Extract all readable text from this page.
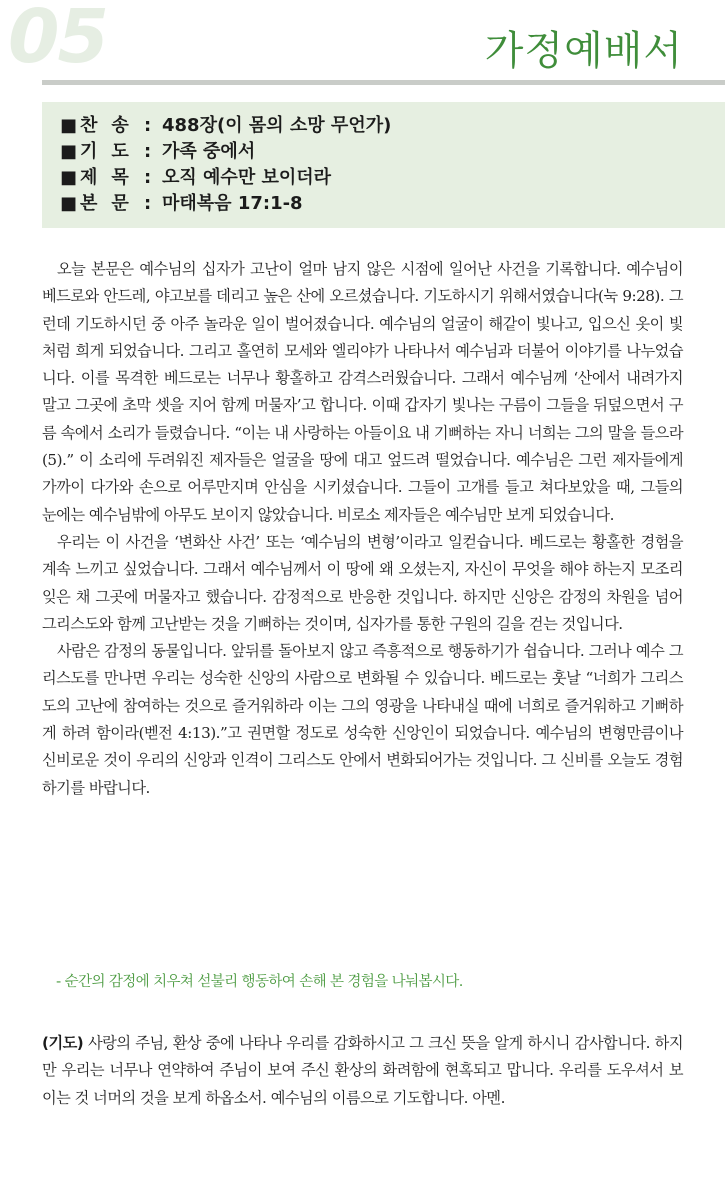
05	가정예배서
■ 찬송: 488장(이 몸의 소망 무언가)
■ 기도: 가족 중에서
■ 제목: 오직 예수만 보이더라
■ 본문: 마태복음 17:1-8

오늘 본문은 예수님의 십자가 고난이 얼마 남지 않은 시점에 일어난 사건을 기록합니다. 예수님이 베드로와 안드레, 야고보를 데리고 높은 산에 오르셨습니다. 기도하시기 위해서였습니다(눅 9:28). 그런데 기도하시던 중 아주 놀라운 일이 벌어졌습니다. 예수님의 얼굴이 해같이 빛나고, 입으신 옷이 빛처럼 희게 되었습니다. 그리고 홀연히 모세와 엘리야가 나타나서 예수님과 더불어 이야기를 나누었습니다. 이를 목격한 베드로는 너무나 황홀하고 감격스러웠습니다. 그래서 예수님께 ‘산에서 내려가지 말고 그곳에 초막 셋을 지어 함께 머물자’고 합니다. 이때 갑자기 빛나는 구름이 그들을 뒤덮으면서 구름 속에서 소리가 들렸습니다. “이는 내 사랑하는 아들이요 내 기뻐하는 자니 너희는 그의 말을 들으라(5).” 이 소리에 두려워진 제자들은 얼굴을 땅에 대고 엎드려 떨었습니다. 예수님은 그런 제자들에게 가까이 다가와 손으로 어루만지며 안심을 시키셨습니다. 그들이 고개를 들고 쳐다보았을 때, 그들의 눈에는 예수님밖에 아무도 보이지 않았습니다. 비로소 제자들은 예수님만 보게 되었습니다.

우리는 이 사건을 ‘변화산 사건’ 또는 ‘예수님의 변형’이라고 일컫습니다. 베드로는 황홀한 경험을 계속 느끼고 싶었습니다. 그래서 예수님께서 이 땅에 왜 오셨는지, 자신이 무엇을 해야 하는지 모조리 잊은 채 그곳에 머물자고 했습니다. 감정적으로 반응한 것입니다. 하지만 신앙은 감정의 차원을 넘어 그리스도와 함께 고난받는 것을 기뻐하는 것이며, 십자가를 통한 구원의 길을 걷는 것입니다.

사람은 감정의 동물입니다. 앞뒤를 돌아보지 않고 즉흥적으로 행동하기가 쉽습니다. 그러나 예수 그리스도를 만나면 우리는 성숙한 신앙의 사람으로 변화될 수 있습니다. 베드로는 훗날 “너희가 그리스도의 고난에 참여하는 것으로 즐거워하라 이는 그의 영광을 나타내실 때에 너희로 즐거워하고 기뻐하게 하려 함이라(벧전 4:13).”고 권면할 정도로 성숙한 신앙인이 되었습니다. 예수님의 변형만큼이나 신비로운 것이 우리의 신앙과 인격이 그리스도 안에서 변화되어가는 것입니다. 그 신비를 오늘도 경험하기를 바랍니다.

- 순간의 감정에 치우쳐 섣불리 행동하여 손해 본 경험을 나눠봅시다.

(기도) 사랑의 주님, 환상 중에 나타나 우리를 감화하시고 그 크신 뜻을 알게 하시니 감사합니다. 하지만 우리는 너무나 연약하여 주님이 보여 주신 환상의 화려함에 현혹되고 맙니다. 우리를 도우셔서 보이는 것 너머의 것을 보게 하옵소서. 예수님의 이름으로 기도합니다. 아멘.
